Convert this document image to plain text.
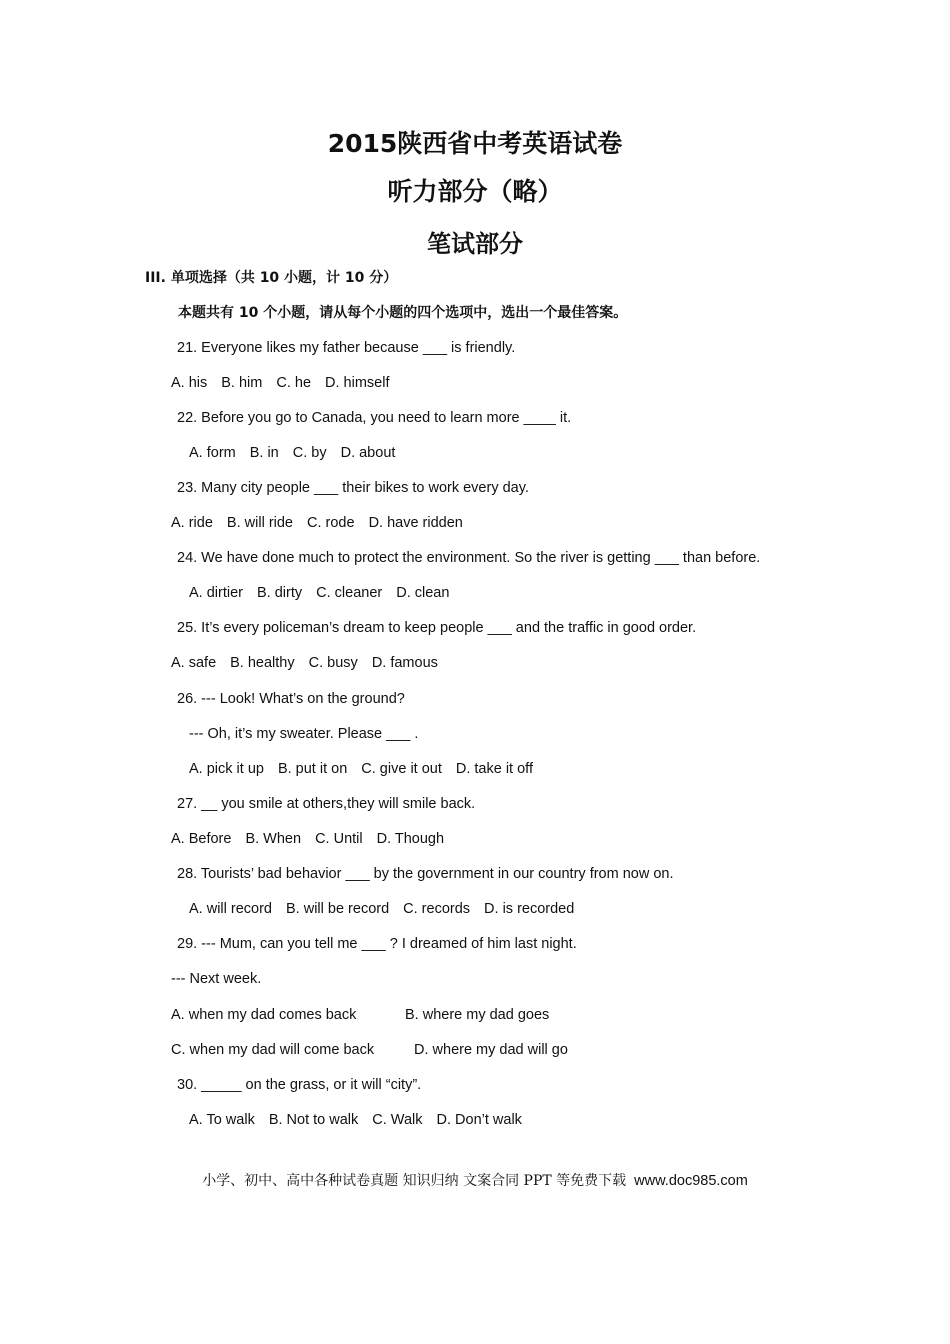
2015陕西省中考英语试卷
听力部分（略）
笔试部分
III. 单项选择（共 10 小题，计 10 分）
本题共有 10 个小题，请从每个小题的四个选项中，选出一个最佳答案。
21. Everyone likes my father because ___ is friendly.
A. his B. him C. he D. himself
22. Before you go to Canada, you need to learn more ____ it.
A. form B. in C. by D. about
23. Many city people ___ their bikes to work every day.
A. ride B. will ride C. rode D. have ridden
24. We have done much to protect the environment. So the river is getting ___ than before.
A. dirtier B. dirty C. cleaner D. clean
25. It’s every policeman’s dream to keep people ___ and the traffic in good order.
A. safe B. healthy C. busy D. famous
26. --- Look! What’s on the ground?
--- Oh, it’s my sweater. Please ___ .
A. pick it up B. put it on C. give it out D. take it off
27. __ you smile at others,they will smile back.
A. Before B. When C. Until D. Though
28. Tourists’ bad behavior ___ by the government in our country from now on.
A. will record B. will be record C. records D. is recorded
29. --- Mum, can you tell me ___ ? I dreamed of him last night.
--- Next week.
A. when my dad comes back	B. where my dad goes
C. when my dad will come back	D. where my dad will go
30. _____ on the grass, or it will “city”.
A. To walk B. Not to walk C. Walk D. Don’t walk
小学、初中、高中各种试卷真题 知识归纳 文案合同 PPT 等免费下载 www.doc985.com
